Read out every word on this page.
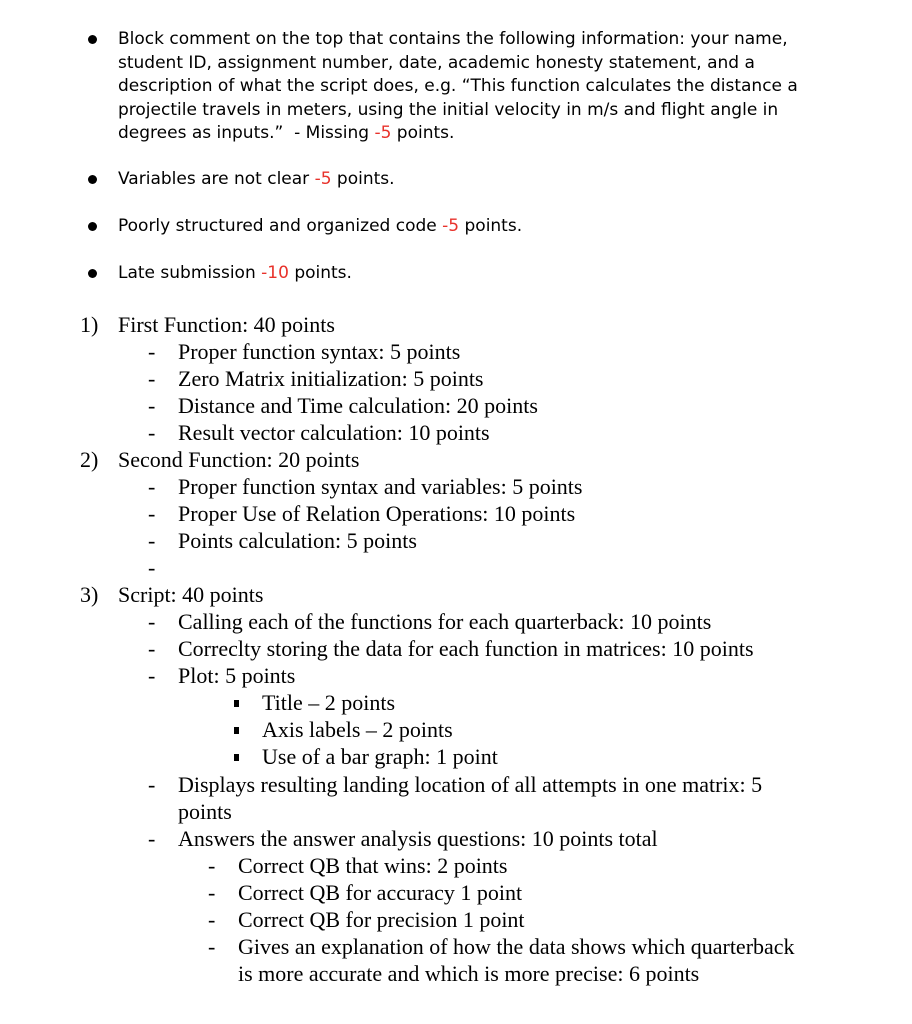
Block comment on the top that contains the following information: your name,
student ID, assignment number, date, academic honesty statement, and a
description of what the script does, e.g. “This function calculates the distance a
projectile travels in meters, using the initial velocity in m/s and flight angle in
degrees as inputs.”  - Missing -5 points.
Variables are not clear -5 points.
Poorly structured and organized code -5 points.
Late submission -10 points.
1) First Function: 40 points
- Proper function syntax: 5 points
- Zero Matrix initialization: 5 points
- Distance and Time calculation: 20 points
- Result vector calculation: 10 points
2) Second Function: 20 points
- Proper function syntax and variables: 5 points
- Proper Use of Relation Operations: 10 points
- Points calculation: 5 points
-
3) Script: 40 points
- Calling each of the functions for each quarterback: 10 points
- Correclty storing the data for each function in matrices: 10 points
- Plot: 5 points
Title – 2 points
Axis labels – 2 points
Use of a bar graph: 1 point
- Displays resulting landing location of all attempts in one matrix: 5
points
- Answers the answer analysis questions: 10 points total
- Correct QB that wins: 2 points
- Correct QB for accuracy 1 point
- Correct QB for precision 1 point
- Gives an explanation of how the data shows which quarterback
is more accurate and which is more precise: 6 points
